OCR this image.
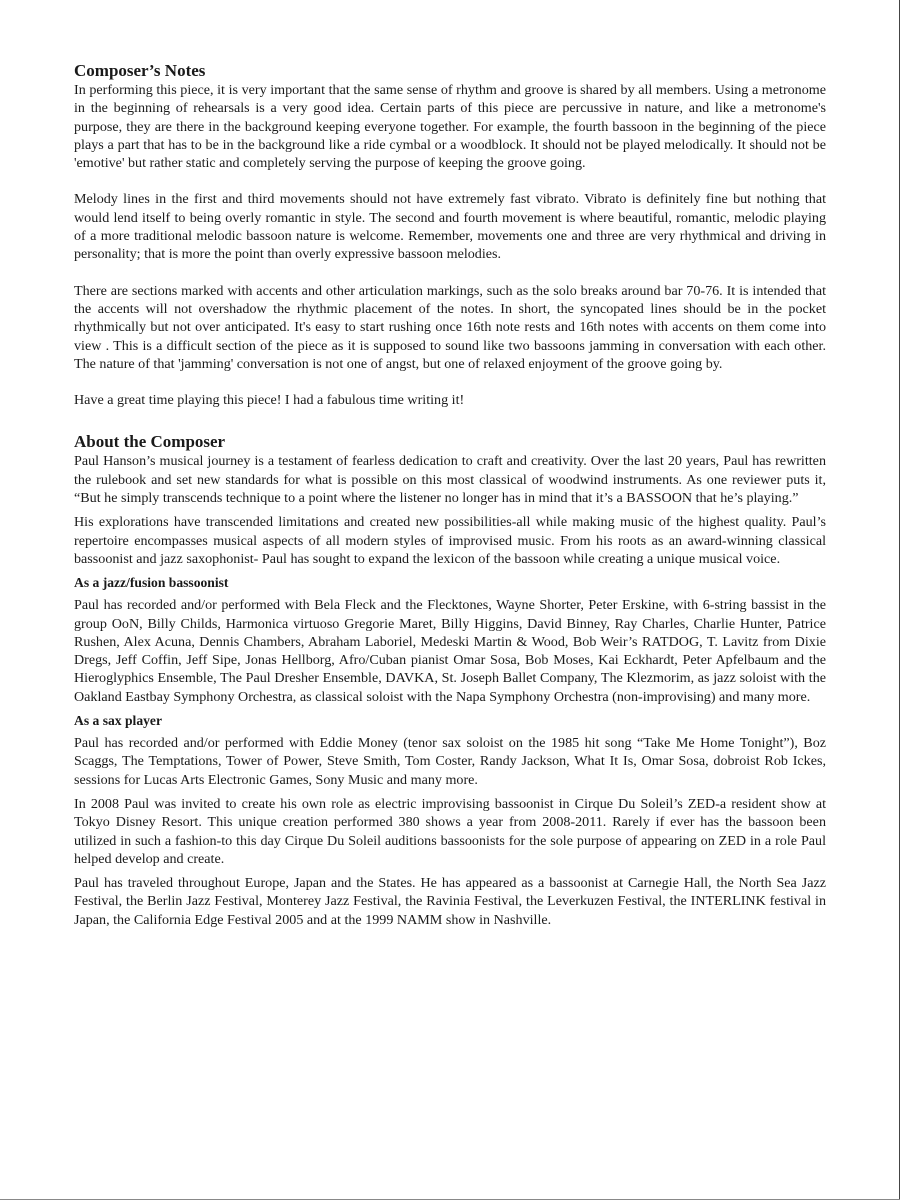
Composer’s Notes

In performing this piece, it is very important that the same sense of rhythm and groove is shared by all members. Using a metronome in the beginning of rehearsals is a very good idea. Certain parts of this piece are percussive in nature, and like a metronome's purpose, they are there in the background keeping everyone together. For example, the fourth bassoon in the beginning of the piece plays a part that has to be in the background like a ride cymbal or a woodblock. It should not be played melodically. It should not be 'emotive' but rather static and completely serving the purpose of keeping the groove going.

Melody lines in the first and third movements should not have extremely fast vibrato. Vibrato is definitely fine but nothing that would lend itself to being overly romantic in style. The second and fourth movement is where beautiful, romantic, melodic playing of a more traditional melodic bassoon nature is welcome. Remember, movements one and three are very rhythmical and driving in personality; that is more the point than overly expressive bassoon melodies.

There are sections marked with accents and other articulation markings, such as the solo breaks around bar 70-76. It is intended that the accents will not overshadow the rhythmic placement of the notes. In short, the syncopated lines should be in the pocket rhythmically but not over anticipated. It's easy to start rushing once 16th note rests and 16th notes with accents on them come into view . This is a difficult section of the piece as it is supposed to sound like two bassoons jamming in conversation with each other. The nature of that 'jamming' conversation is not one of angst, but one of relaxed enjoyment of the groove going by.

Have a great time playing this piece! I had a fabulous time writing it!

About the Composer

Paul Hanson’s musical journey is a testament of fearless dedication to craft and creativity. Over the last 20 years, Paul has rewritten the rulebook and set new standards for what is possible on this most classical of woodwind instruments. As one reviewer puts it, “But he simply transcends technique to a point where the listener no longer has in mind that it’s a BASSOON that he’s playing.”

His explorations have transcended limitations and created new possibilities-all while making music of the highest quality. Paul’s repertoire encompasses musical aspects of all modern styles of improvised music. From his roots as an award-winning classical bassoonist and jazz saxophonist- Paul has sought to expand the lexicon of the bassoon while creating a unique musical voice.

As a jazz/fusion bassoonist

Paul has recorded and/or performed with Bela Fleck and the Flecktones, Wayne Shorter, Peter Erskine, with 6-string bassist in the group OoN, Billy Childs, Harmonica virtuoso Gregorie Maret, Billy Higgins, David Binney, Ray Charles, Charlie Hunter, Patrice Rushen, Alex Acuna, Dennis Chambers, Abraham Laboriel, Medeski Martin & Wood, Bob Weir’s RATDOG, T. Lavitz from Dixie Dregs, Jeff Coffin, Jeff Sipe, Jonas Hellborg, Afro/Cuban pianist Omar Sosa, Bob Moses, Kai Eckhardt, Peter Apfelbaum and the Hieroglyphics Ensemble, The Paul Dresher Ensemble, DAVKA, St. Joseph Ballet Company, The Klezmorim, as jazz soloist with the Oakland Eastbay Symphony Orchestra, as classical soloist with the Napa Symphony Orchestra (non-improvising) and many more.

As a sax player

Paul has recorded and/or performed with Eddie Money (tenor sax soloist on the 1985 hit song “Take Me Home Tonight”), Boz Scaggs, The Temptations, Tower of Power, Steve Smith, Tom Coster, Randy Jackson, What It Is, Omar Sosa, dobroist Rob Ickes, sessions for Lucas Arts Electronic Games, Sony Music and many more.

In 2008 Paul was invited to create his own role as electric improvising bassoonist in Cirque Du Soleil’s ZED-a resident show at Tokyo Disney Resort. This unique creation performed 380 shows a year from 2008-2011. Rarely if ever has the bassoon been utilized in such a fashion-to this day Cirque Du Soleil auditions bassoonists for the sole purpose of appearing on ZED in a role Paul helped develop and create.

Paul has traveled throughout Europe, Japan and the States. He has appeared as a bassoonist at Carnegie Hall, the North Sea Jazz Festival, the Berlin Jazz Festival, Monterey Jazz Festival, the Ravinia Festival, the Leverkuzen Festival, the INTERLINK festival in Japan, the California Edge Festival 2005 and at the 1999 NAMM show in Nashville.
